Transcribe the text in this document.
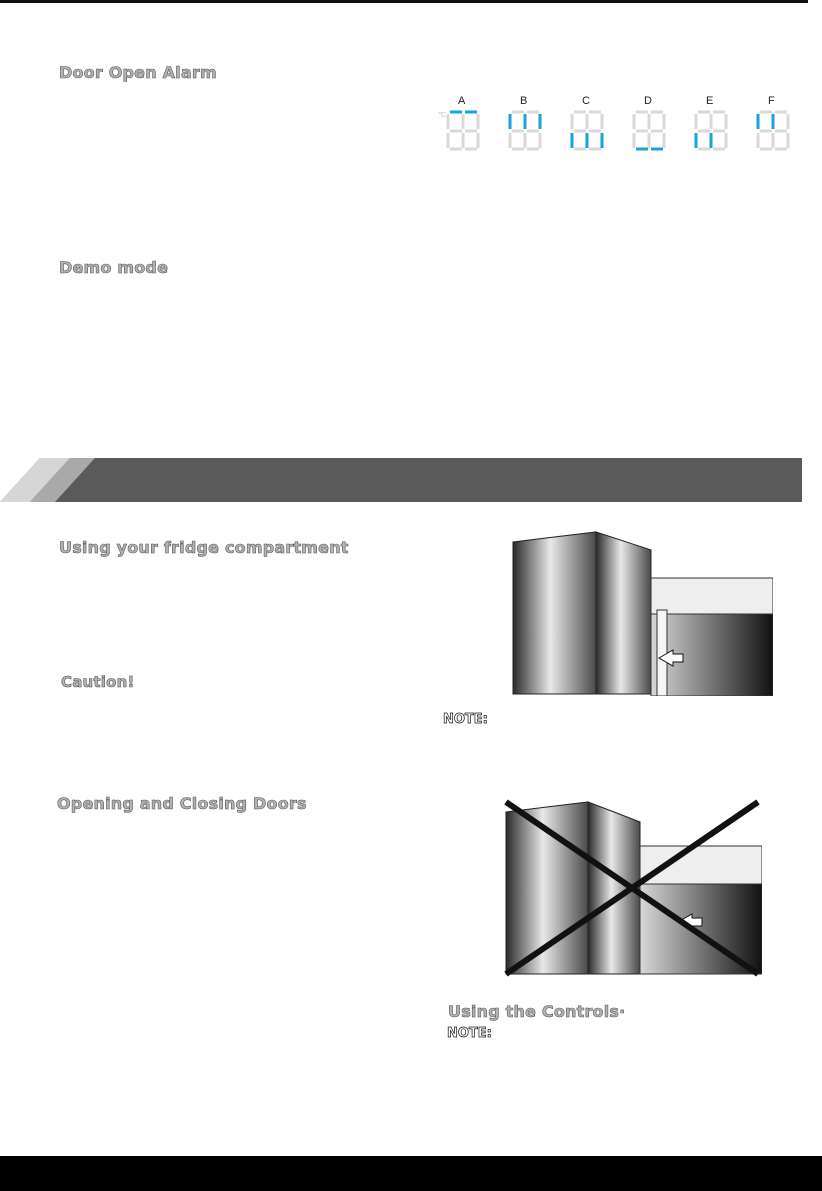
Door Open Alarm
A
℃
B	C	D	E	F
Demo mode
Using your fridge compartment
Caution!
Opening and Closing Doors
NOTE:
Using the Controls·
NOTE:
